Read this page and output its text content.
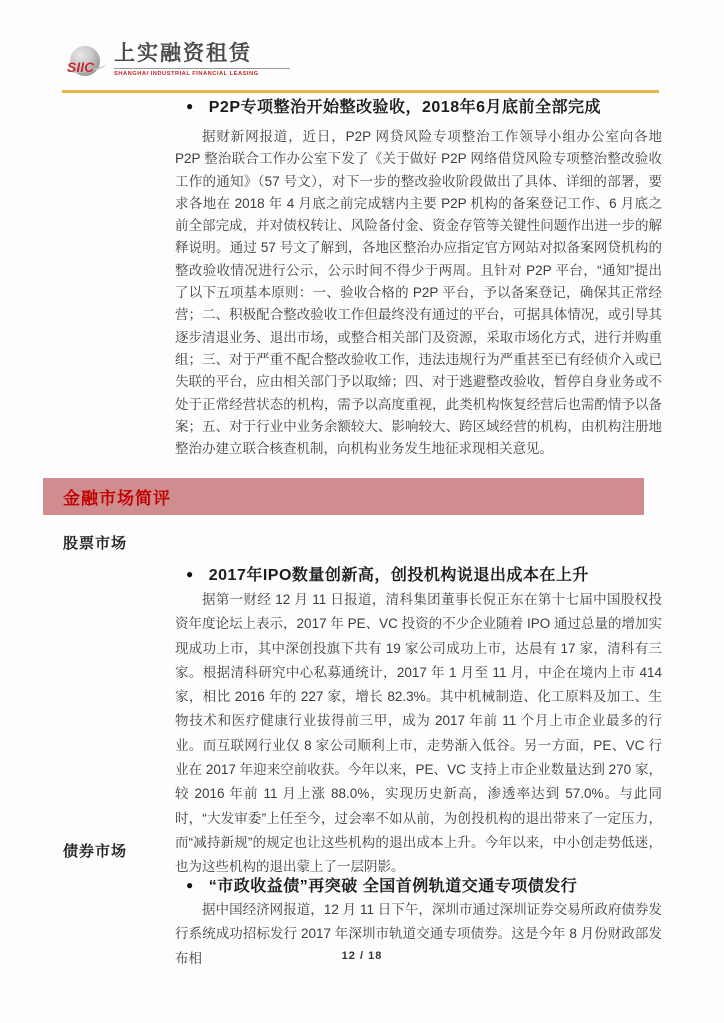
SIIC
上实融资租赁
SHANGHAI INDUSTRIAL FINANCIAL LEASING
● P2P专项整治开始整改验收，2018年6月底前全部完成
据财新网报道，近日，P2P 网贷风险专项整治工作领导小组办公室向各地 P2P 整治联合工作办公室下发了《关于做好 P2P 网络借贷风险专项整治整改验收工作的通知》（57 号文），对下一步的整改验收阶段做出了具体、详细的部署，要求各地在 2018 年 4 月底之前完成辖内主要 P2P 机构的备案登记工作、6 月底之前全部完成，并对债权转让、风险备付金、资金存管等关键性问题作出进一步的解释说明。通过 57 号文了解到，各地区整治办应指定官方网站对拟备案网贷机构的整改验收情况进行公示，公示时间不得少于两周。且针对 P2P 平台，“通知”提出了以下五项基本原则：一、验收合格的 P2P 平台，予以备案登记，确保其正常经营；二、积极配合整改验收工作但最终没有通过的平台，可据具体情况，或引导其逐步清退业务、退出市场，或整合相关部门及资源，采取市场化方式，进行并购重组；三、对于严重不配合整改验收工作，违法违规行为严重甚至已有经侦介入或已失联的平台，应由相关部门予以取缔；四、对于逃避整改验收，暂停自身业务或不处于正常经营状态的机构，需予以高度重视，此类机构恢复经营后也需酌情予以备案；五、对于行业中业务余额较大、影响较大、跨区域经营的机构，由机构注册地整治办建立联合核查机制，向机构业务发生地征求现相关意见。
金融市场简评
股票市场
● 2017年IPO数量创新高，创投机构说退出成本在上升
据第一财经 12 月 11 日报道，清科集团董事长倪正东在第十七届中国股权投资年度论坛上表示，2017 年 PE、VC 投资的不少企业随着 IPO 通过总量的增加实现成功上市，其中深创投旗下共有 19 家公司成功上市，达晨有 17 家，清科有三家。根据清科研究中心私募通统计，2017 年 1 月至 11 月，中企在境内上市 414 家，相比 2016 年的 227 家，增长 82.3%。其中机械制造、化工原料及加工、生物技术和医疗健康行业拔得前三甲，成为 2017 年前 11 个月上市企业最多的行业。而互联网行业仅 8 家公司顺利上市，走势渐入低谷。另一方面，PE、VC 行业在 2017 年迎来空前收获。今年以来，PE、VC 支持上市企业数量达到 270 家，较 2016 年前 11 月上涨 88.0%，实现历史新高，渗透率达到 57.0%。与此同时，“大发审委”上任至今，过会率不如从前，为创投机构的退出带来了一定压力，而“减持新规”的规定也让这些机构的退出成本上升。今年以来，中小创走势低迷，也为这些机构的退出蒙上了一层阴影。
债券市场
● “市政收益债”再突破 全国首例轨道交通专项债发行
据中国经济网报道，12 月 11 日下午，深圳市通过深圳证券交易所政府债券发行系统成功招标发行 2017 年深圳市轨道交通专项债券。这是今年 8 月份财政部发布相	12 / 18
